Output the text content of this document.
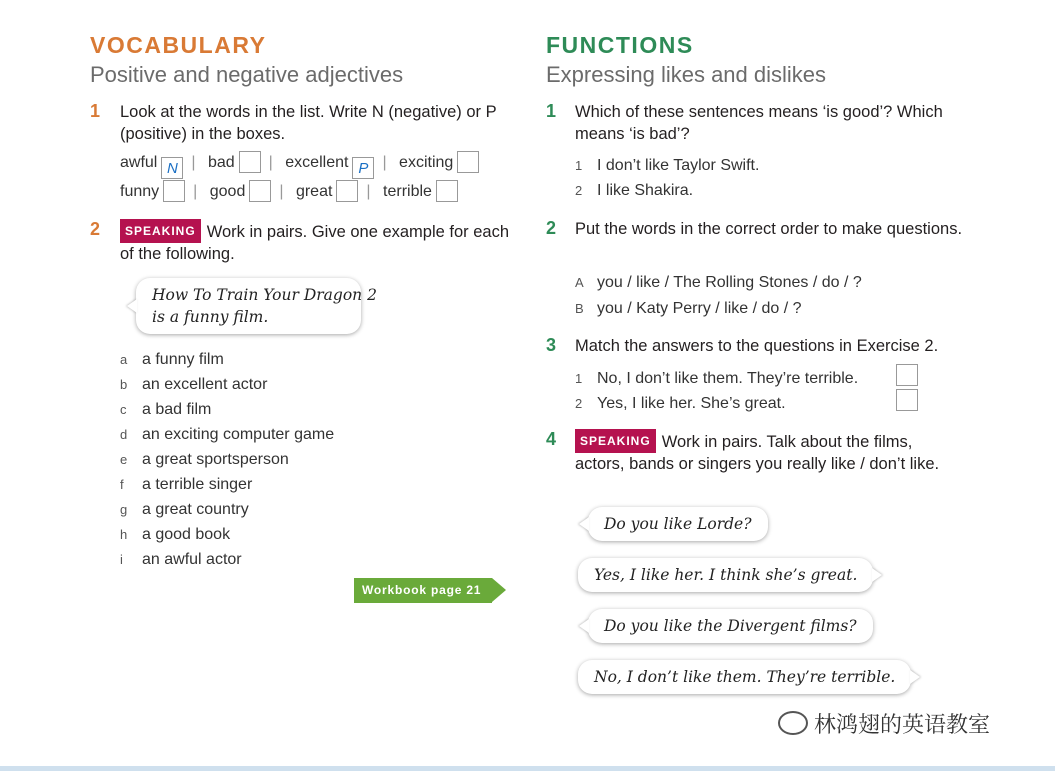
VOCABULARY
Positive and negative adjectives
1 Look at the words in the list. Write N (negative) or P (positive) in the boxes.
awful N | bad | excellent P | exciting
funny | good | great | terrible
2	SPEAKING Work in pairs. Give one example for each of the following.
How To Train Your Dragon 2
is a funny film.
a a funny film
b an excellent actor
c a bad film
d an exciting computer game
e a great sportsperson
f a terrible singer
g a great country
h a good book
i an awful actor
Workbook page 21
FUNCTIONS
Expressing likes and dislikes
1 Which of these sentences means ‘is good’? Which means ‘is bad’?
1 I don’t like Taylor Swift.
2 I like Shakira.
2 Put the words in the correct order to make questions.
A you / like / The Rolling Stones / do / ?
B you / Katy Perry / like / do / ?
3 Match the answers to the questions in Exercise 2.
1 No, I don’t like them. They’re terrible.
2 Yes, I like her. She’s great.
4	SPEAKING Work in pairs. Talk about the films, actors, bands or singers you really like / don’t like.
Do you like Lorde?
Yes, I like her. I think she’s great.
Do you like the Divergent films?
No, I don’t like them. They’re terrible.
林鸿翅的英语教室
